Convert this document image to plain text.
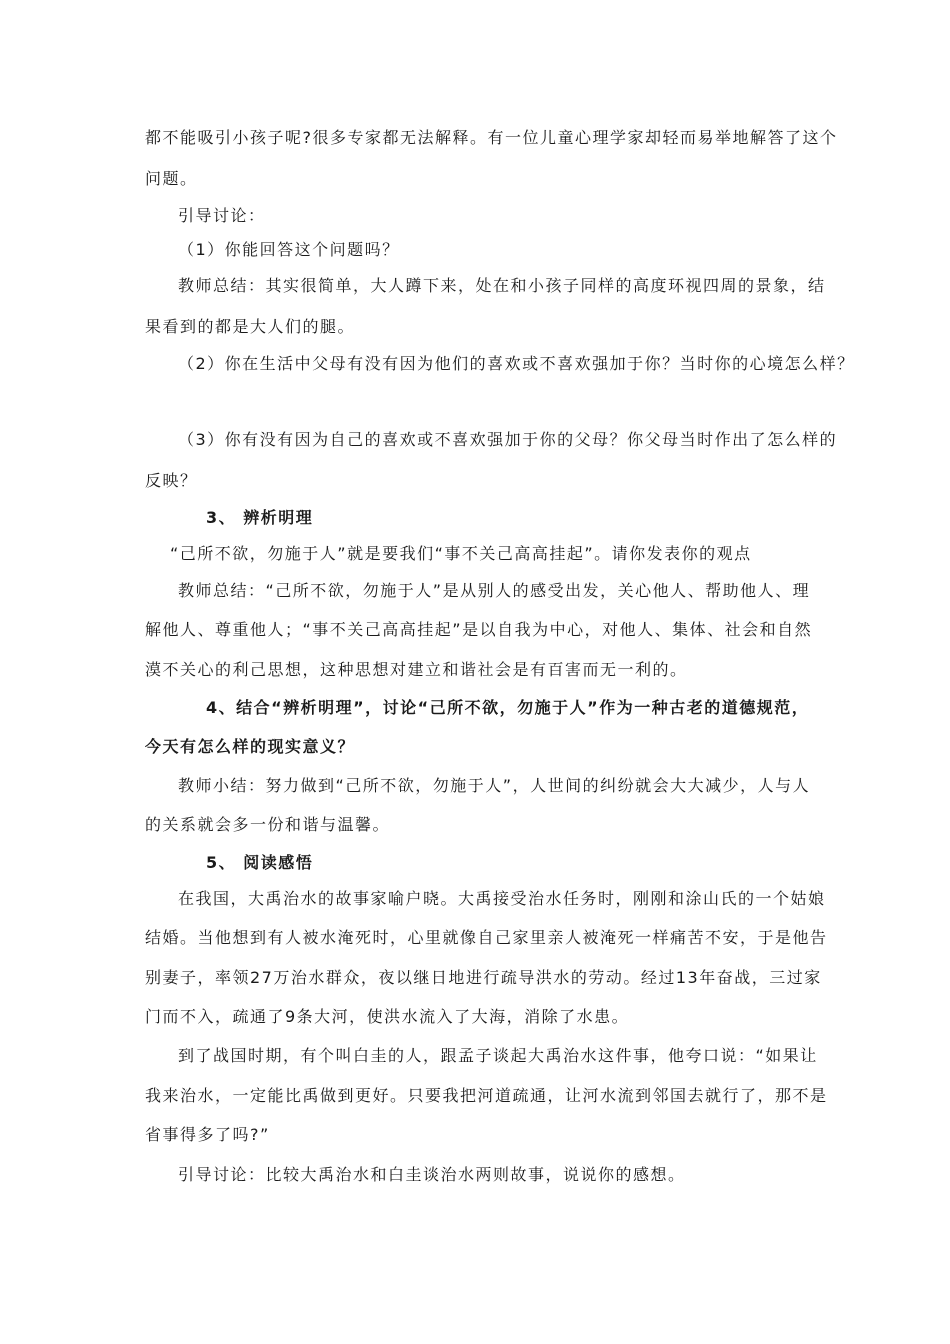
都不能吸引小孩子呢?很多专家都无法解释。有一位儿童心理学家却轻而易举地解答了这个
问题。
引导讨论：
（1）你能回答这个问题吗？
教师总结：其实很简单，大人蹲下来，处在和小孩子同样的高度环视四周的景象，结
果看到的都是大人们的腿。
（2）你在生活中父母有没有因为他们的喜欢或不喜欢强加于你？当时你的心境怎么样？
（3）你有没有因为自己的喜欢或不喜欢强加于你的父母？你父母当时作出了怎么样的
反映？
3、 辨析明理
“己所不欲，勿施于人”就是要我们“事不关己高高挂起”。请你发表你的观点
教师总结：“己所不欲，勿施于人”是从别人的感受出发，关心他人、帮助他人、理
解他人、尊重他人；“事不关己高高挂起”是以自我为中心，对他人、集体、社会和自然
漠不关心的利己思想，这种思想对建立和谐社会是有百害而无一利的。
4、结合“辨析明理”，讨论“己所不欲，勿施于人”作为一种古老的道德规范，
今天有怎么样的现实意义？
教师小结：努力做到“己所不欲，勿施于人”，人世间的纠纷就会大大减少，人与人
的关系就会多一份和谐与温馨。
5、 阅读感悟
在我国，大禹治水的故事家喻户晓。大禹接受治水任务时，刚刚和涂山氏的一个姑娘
结婚。当他想到有人被水淹死时，心里就像自己家里亲人被淹死一样痛苦不安，于是他告
别妻子，率领27万治水群众，夜以继日地进行疏导洪水的劳动。经过13年奋战，三过家
门而不入，疏通了9条大河，使洪水流入了大海，消除了水患。
到了战国时期，有个叫白圭的人，跟孟子谈起大禹治水这件事，他夸口说：“如果让
我来治水，一定能比禹做到更好。只要我把河道疏通，让河水流到邻国去就行了，那不是
省事得多了吗?”
引导讨论：比较大禹治水和白圭谈治水两则故事，说说你的感想。
